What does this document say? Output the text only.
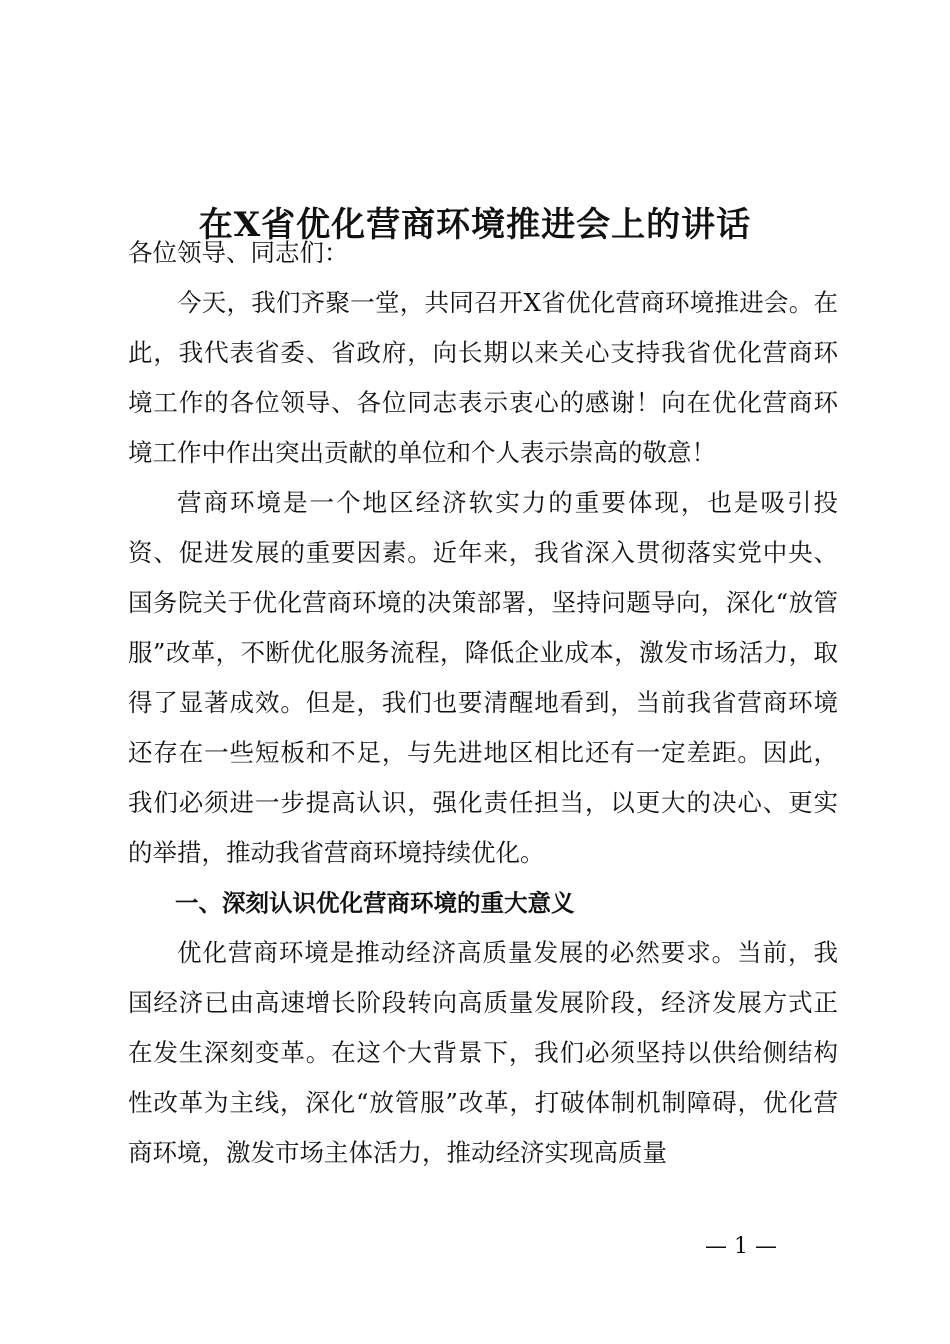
在X省优化营商环境推进会上的讲话

各位领导、同志们：

今天，我们齐聚一堂，共同召开X省优化营商环境推进会。在此，我代表省委、省政府，向长期以来关心支持我省优化营商环境工作的各位领导、各位同志表示衷心的感谢！向在优化营商环境工作中作出突出贡献的单位和个人表示崇高的敬意！

营商环境是一个地区经济软实力的重要体现，也是吸引投资、促进发展的重要因素。近年来，我省深入贯彻落实党中央、国务院关于优化营商环境的决策部署，坚持问题导向，深化“放管服”改革，不断优化服务流程，降低企业成本，激发市场活力，取得了显著成效。但是，我们也要清醒地看到，当前我省营商环境还存在一些短板和不足，与先进地区相比还有一定差距。因此，我们必须进一步提高认识，强化责任担当，以更大的决心、更实的举措，推动我省营商环境持续优化。

一、深刻认识优化营商环境的重大意义

优化营商环境是推动经济高质量发展的必然要求。当前，我国经济已由高速增长阶段转向高质量发展阶段，经济发展方式正在发生深刻变革。在这个大背景下，我们必须坚持以供给侧结构性改革为主线，深化“放管服”改革，打破体制机制障碍，优化营商环境，激发市场主体活力，推动经济实现高质量

— 1 —
